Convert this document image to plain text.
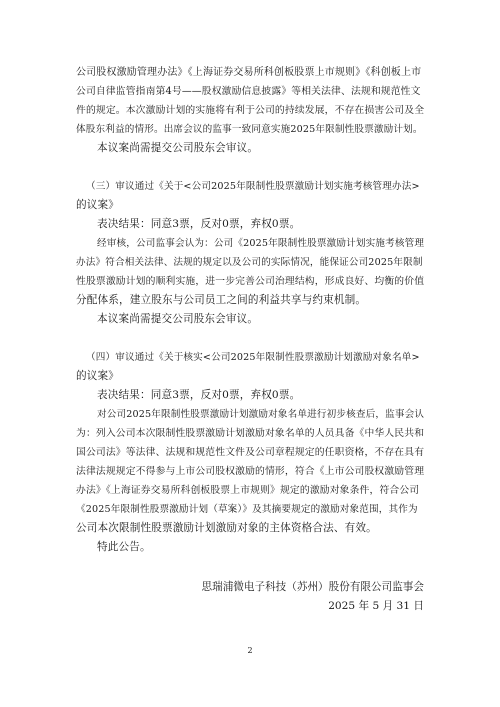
公司股权激励管理办法》《上海证券交易所科创板股票上市规则》《科创板上市
公司自律监管指南第4号——股权激励信息披露》等相关法律、法规和规范性文
件的规定。本次激励计划的实施将有利于公司的持续发展，不存在损害公司及全
体股东利益的情形。出席会议的监事一致同意实施2025年限制性股票激励计划。
本议案尚需提交公司股东会审议。
（三）审议通过《关于<公司2025年限制性股票激励计划实施考核管理办法>
的议案》
表决结果：同意3票，反对0票，弃权0票。
经审核，公司监事会认为：公司《2025年限制性股票激励计划实施考核管理
办法》符合相关法律、法规的规定以及公司的实际情况，能保证公司2025年限制
性股票激励计划的顺利实施，进一步完善公司治理结构，形成良好、均衡的价值
分配体系，建立股东与公司员工之间的利益共享与约束机制。
本议案尚需提交公司股东会审议。
（四）审议通过《关于核实<公司2025年限制性股票激励计划激励对象名单>
的议案》
表决结果：同意3票，反对0票，弃权0票。
对公司2025年限制性股票激励计划激励对象名单进行初步核查后，监事会认
为：列入公司本次限制性股票激励计划激励对象名单的人员具备《中华人民共和
国公司法》等法律、法规和规范性文件及公司章程规定的任职资格，不存在具有
法律法规规定不得参与上市公司股权激励的情形，符合《上市公司股权激励管理
办法》《上海证券交易所科创板股票上市规则》规定的激励对象条件，符合公司
《2025年限制性股票激励计划（草案）》及其摘要规定的激励对象范围，其作为
公司本次限制性股票激励计划激励对象的主体资格合法、有效。
特此公告。
思瑞浦微电子科技（苏州）股份有限公司监事会
2025 年 5 月 31 日
2
